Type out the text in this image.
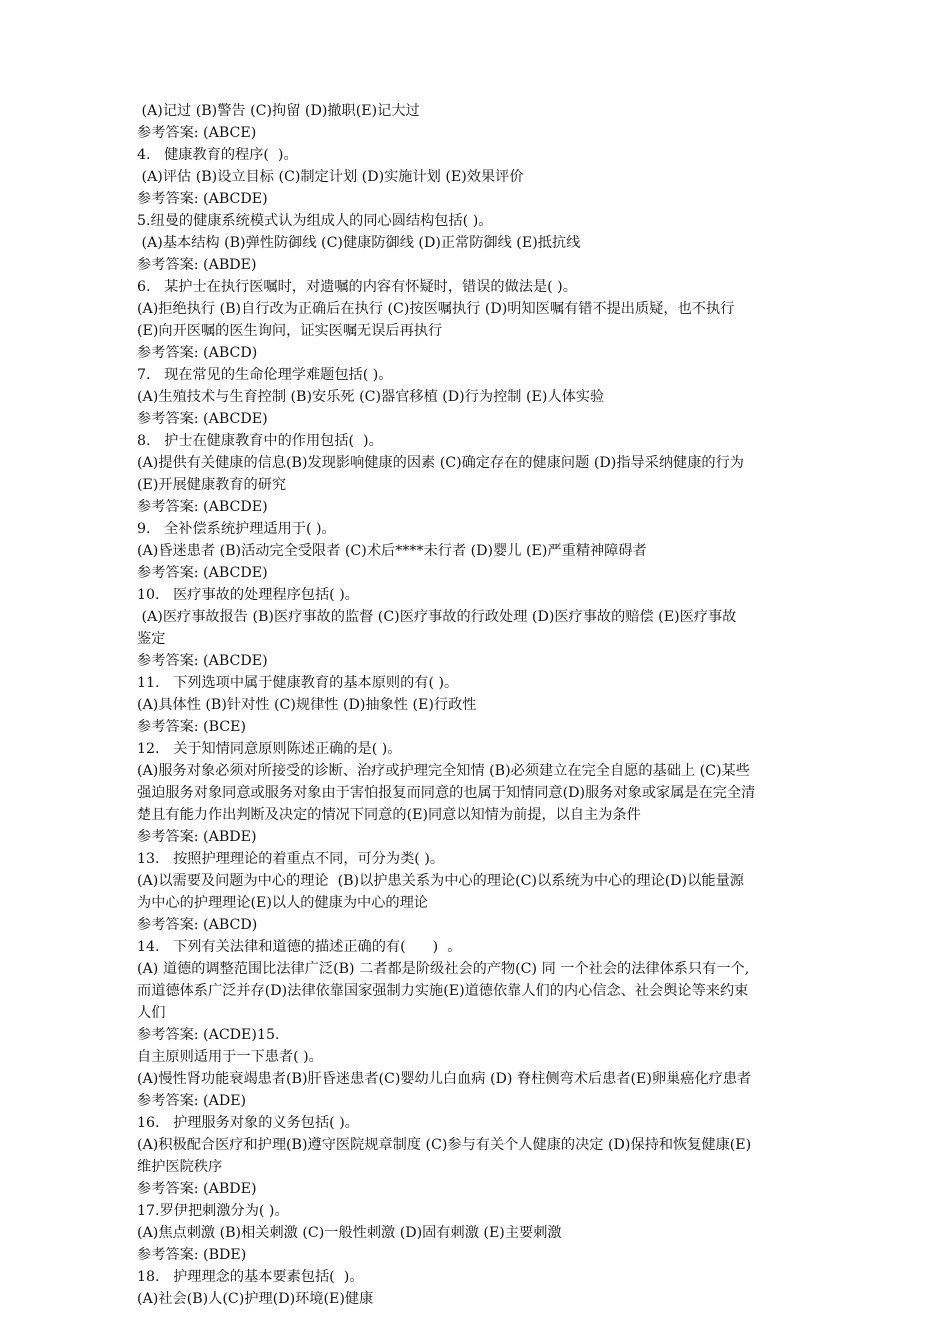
(A)记过 (B)警告 (C)拘留 (D)撤职(E)记大过

参考答案: (ABCE)

4.   健康教育的程序(  )。

(A)评估 (B)设立目标 (C)制定计划 (D)实施计划 (E)效果评价

参考答案: (ABCDE)

5.纽曼的健康系统模式认为组成人的同心圆结构包括( )。

(A)基本结构 (B)弹性防御线 (C)健康防御线 (D)正常防御线 (E)抵抗线

参考答案: (ABDE)

6.   某护士在执行医嘱时，对遗嘱的内容有怀疑时，错误的做法是( )。

(A)拒绝执行 (B)自行改为正确后在执行 (C)按医嘱执行 (D)明知医嘱有错不提出质疑，也不执行

(E)向开医嘱的医生询问，证实医嘱无误后再执行

参考答案: (ABCD)

7.   现在常见的生命伦理学难题包括( )。

(A)生殖技术与生育控制 (B)安乐死 (C)器官移植 (D)行为控制 (E)人体实验

参考答案: (ABCDE)

8.   护士在健康教育中的作用包括(  )。

(A)提供有关健康的信息(B)发现影响健康的因素 (C)确定存在的健康问题 (D)指导采纳健康的行为

(E)开展健康教育的研究

参考答案: (ABCDE)

9.   全补偿系统护理适用于( )。

(A)昏迷患者 (B)活动完全受限者 (C)术后****未行者 (D)婴儿 (E)严重精神障碍者

参考答案: (ABCDE)

10.   医疗事故的处理程序包括( )。

(A)医疗事故报告 (B)医疗事故的监督 (C)医疗事故的行政处理 (D)医疗事故的赔偿 (E)医疗事故

鉴定

参考答案: (ABCDE)

11.   下列选项中属于健康教育的基本原则的有( )。

(A)具体性 (B)针对性 (C)规律性 (D)抽象性 (E)行政性

参考答案: (BCE)

12.   关于知情同意原则陈述正确的是( )。

(A)服务对象必须对所接受的诊断、治疗或护理完全知情 (B)必须建立在完全自愿的基础上 (C)某些

强迫服务对象同意或服务对象由于害怕报复而同意的也属于知情同意(D)服务对象或家属是在完全清

楚且有能力作出判断及决定的情况下同意的(E)同意以知情为前提，以自主为条件

参考答案: (ABDE)

13.   按照护理理论的着重点不同，可分为类( )。

(A)以需要及问题为中心的理论  (B)以护患关系为中心的理论(C)以系统为中心的理论(D)以能量源

为中心的护理理论(E)以人的健康为中心的理论

参考答案: (ABCD)

14.   下列有关法律和道德的描述正确的有(      )  。

(A) 道德的调整范围比法律广泛(B) 二者都是阶级社会的产物(C) 同 一个社会的法律体系只有一个,

而道德体系广泛并存(D)法律依靠国家强制力实施(E)道德依靠人们的内心信念、社会舆论等来约束

人们

参考答案: (ACDE)15.

自主原则适用于一下患者( )。

(A)慢性肾功能衰竭患者(B)肝昏迷患者(C)婴幼儿白血病 (D) 脊柱侧弯术后患者(E)卵巢癌化疗患者

参考答案: (ADE)

16.   护理服务对象的义务包括( )。

(A)积极配合医疗和护理(B)遵守医院规章制度 (C)参与有关个人健康的决定 (D)保持和恢复健康(E)

维护医院秩序

参考答案: (ABDE)

17.罗伊把刺激分为( )。

(A)焦点刺激 (B)相关刺激 (C)一般性刺激 (D)固有刺激 (E)主要刺激

参考答案: (BDE)

18.   护理理念的基本要素包括(  )。

(A)社会(B)人(C)护理(D)环境(E)健康
